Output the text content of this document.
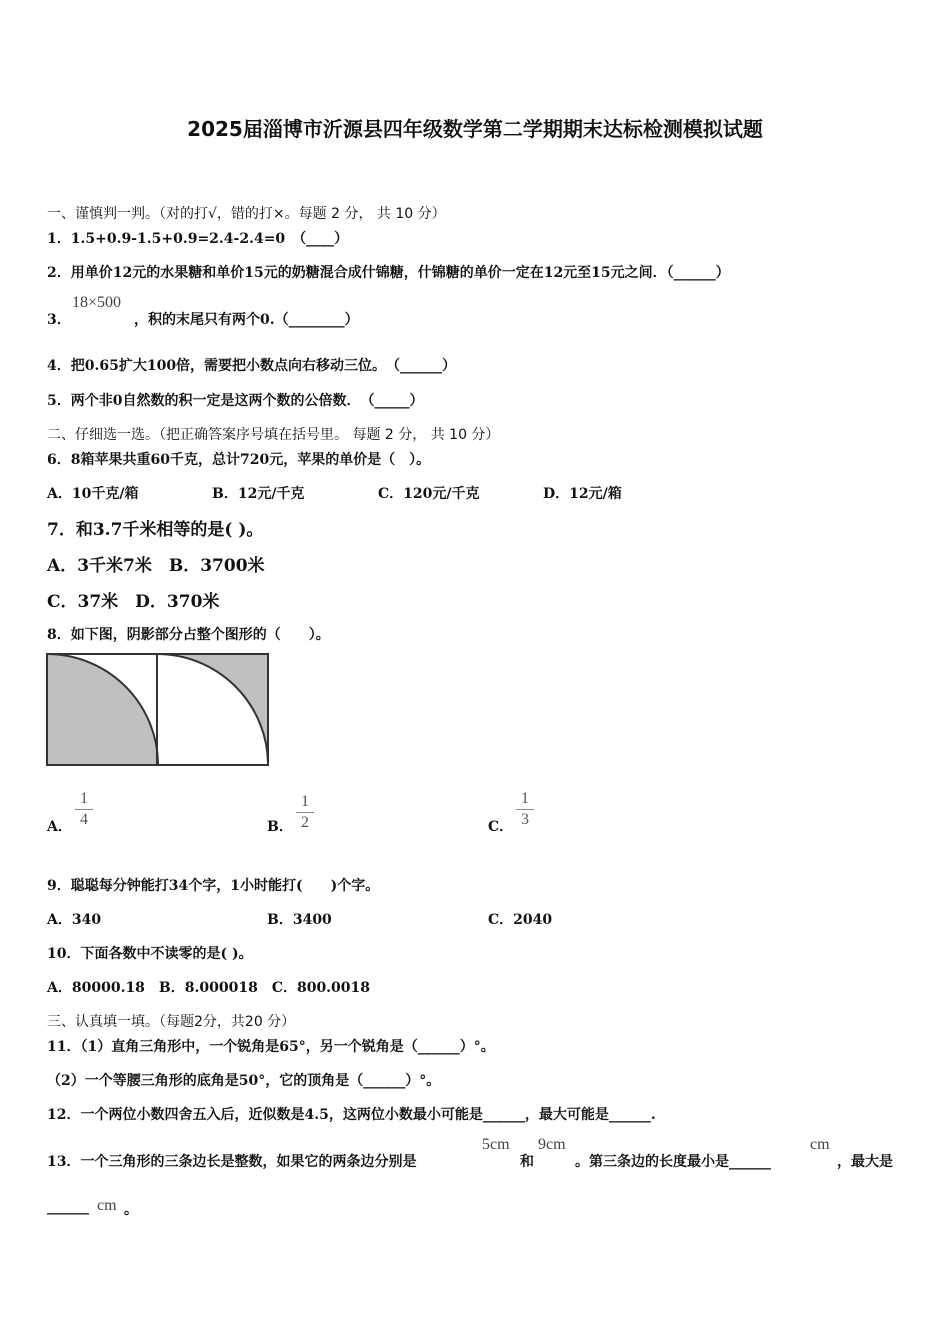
2025届淄博市沂源县四年级数学第二学期期末达标检测模拟试题
一、谨慎判一判。（对的打√，错的打×。每题 2 分， 共 10 分）
1．1.5+0.9-1.5+0.9=2.4-2.4=0　（____）
2．用单价12元的水果糖和单价15元的奶糖混合成什锦糖，什锦糖的单价一定在12元至15元之间．（______）
3．
18×500
，积的末尾只有两个0.（________）
4．把0.65扩大100倍，需要把小数点向右移动三位。　（______）
5．两个非0自然数的积一定是这两个数的公倍数．　（_____）
二、仔细选一选。（把正确答案序号填在括号里。 每题 2 分， 共 10 分）
6．8箱苹果共重60千克，总计720元，苹果的单价是（　）。
A．10千克/箱	B．12元/千克	C．120元/千克	D．12元/箱
7．和3.7千米相等的是( )。
A．3千米7米　B．3700米
C．37米　D．370米
8．如下图，阴影部分占整个图形的（　　）。
A．
1
4	B．
1
2	C．
1
3
9．聪聪每分钟能打34个字，1小时能打(　　)个字。
A．340	B．3400	C．2040
10．下面各数中不读零的是( )。
A．80000.18　B．8.000018　C．800.0018
三、认真填一填。（每题2分，共20 分）
11．（1）直角三角形中，一个锐角是65°，另一个锐角是（______）°。
（2）一个等腰三角形的底角是50°，它的顶角是（______）°。
12．一个两位小数四舍五入后，近似数是4.5，这两位小数最小可能是______，最大可能是______.
13．一个三角形的三条边长是整数，如果它的两条边分别是
5cm
和
9cm
。第三条边的长度最小是______
cm
，最大是
______ cm 。
